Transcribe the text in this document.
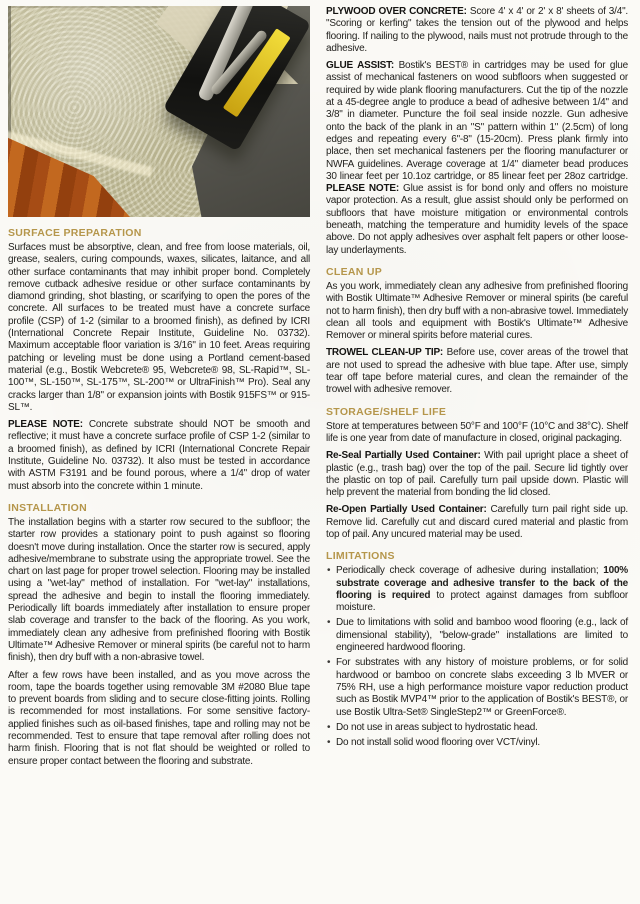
SURFACE PREPARATION
Surfaces must be absorptive, clean, and free from loose materials, oil, grease, sealers, curing compounds, waxes, silicates, laitance, and all other surface contaminants that may inhibit proper bond. Completely remove cutback adhesive residue or other surface contaminants by diamond grinding, shot blasting, or scarifying to open the pores of the concrete. All surfaces to be treated must have a concrete surface profile (CSP) of 1-2 (similar to a broomed finish), as defined by ICRI (International Concrete Repair Institute, Guideline No. 03732). Maximum acceptable floor variation is 3/16" in 10 feet. Areas requiring patching or leveling must be done using a Portland cement-based material (e.g., Bostik Webcrete® 95, Webcrete® 98, SL-Rapid™, SL-100™, SL-150™, SL-175™, SL-200™ or UltraFinish™ Pro). Seal any cracks larger than 1/8" or expansion joints with Bostik 915FS™ or 915-SL™.
PLEASE NOTE: Concrete substrate should NOT be smooth and reflective; it must have a concrete surface profile of CSP 1-2 (similar to a broomed finish), as defined by ICRI (International Concrete Repair Institute, Guideline No. 03732). It also must be tested in accordance with ASTM F3191 and be found porous, where a 1/4" drop of water must absorb into the concrete within 1 minute.
INSTALLATION
The installation begins with a starter row secured to the subfloor; the starter row provides a stationary point to push against so flooring doesn't move during installation. Once the starter row is secured, apply adhesive/membrane to substrate using the appropriate trowel. See the chart on last page for proper trowel selection. Flooring may be installed using a "wet-lay" method of installation. For "wet-lay" installations, spread the adhesive and begin to install the flooring immediately. Periodically lift boards immediately after installation to ensure proper slab coverage and transfer to the back of the flooring. As you work, immediately clean any adhesive from prefinished flooring with Bostik Ultimate™ Adhesive Remover or mineral spirits (be careful not to harm finish), then dry buff with a non-abrasive towel.
After a few rows have been installed, and as you move across the room, tape the boards together using removable 3M #2080 Blue tape to prevent boards from sliding and to secure close-fitting joints. Rolling is recommended for most installations. For some sensitive factory-applied finishes such as oil-based finishes, tape and rolling may not be recommended. Test to ensure that tape removal after rolling does not harm finish. Flooring that is not flat should be weighted or rolled to ensure proper contact between the flooring and substrate.
PLYWOOD OVER CONCRETE: Score 4' x 4' or 2' x 8' sheets of 3/4". "Scoring or kerfing" takes the tension out of the plywood and helps flooring. If nailing to the plywood, nails must not protrude through to the adhesive.
GLUE ASSIST: Bostik's BEST® in cartridges may be used for glue assist of mechanical fasteners on wood subfloors when suggested or required by wide plank flooring manufacturers. Cut the tip of the nozzle at a 45-degree angle to produce a bead of adhesive between 1/4" and 3/8" in diameter. Puncture the foil seal inside nozzle. Gun adhesive onto the back of the plank in an "S" pattern within 1" (2.5cm) of long edges and repeating every 6"-8" (15-20cm). Press plank firmly into place, then set mechanical fasteners per the flooring manufacturer or NWFA guidelines. Average coverage at 1/4" diameter bead produces 30 linear feet per 10.1oz cartridge, or 85 linear feet per 28oz cartridge. PLEASE NOTE: Glue assist is for bond only and offers no moisture vapor protection. As a result, glue assist should only be performed on subfloors that have moisture mitigation or environmental controls beneath, matching the temperature and humidity levels of the space above. Do not apply adhesives over asphalt felt papers or other loose-lay underlayments.
CLEAN UP
As you work, immediately clean any adhesive from prefinished flooring with Bostik Ultimate™ Adhesive Remover or mineral spirits (be careful not to harm finish), then dry buff with a non-abrasive towel. Immediately clean all tools and equipment with Bostik's Ultimate™ Adhesive Remover or mineral spirits before material cures.
TROWEL CLEAN-UP TIP: Before use, cover areas of the trowel that are not used to spread the adhesive with blue tape. After use, simply tear off tape before material cures, and clean the remainder of the trowel with adhesive remover.
STORAGE/SHELF LIFE
Store at temperatures between 50°F and 100°F (10°C and 38°C). Shelf life is one year from date of manufacture in closed, original packaging.
Re-Seal Partially Used Container: With pail upright place a sheet of plastic (e.g., trash bag) over the top of the pail. Secure lid tightly over the plastic on top of pail. Carefully turn pail upside down. Plastic will help prevent the material from bonding the lid closed.
Re-Open Partially Used Container: Carefully turn pail right side up. Remove lid. Carefully cut and discard cured material and plastic from top of pail. Any uncured material may be used.
LIMITATIONS
• Periodically check coverage of adhesive during installation; 100% substrate coverage and adhesive transfer to the back of the flooring is required to protect against damages from subfloor moisture.
• Due to limitations with solid and bamboo wood flooring (e.g., lack of dimensional stability), "below-grade" installations are limited to engineered hardwood flooring.
• For substrates with any history of moisture problems, or for solid hardwood or bamboo on concrete slabs exceeding 3 lb MVER or 75% RH, use a high performance moisture vapor reduction product such as Bostik MVP4™ prior to the application of Bostik's BEST®, or use Bostik Ultra-Set® SingleStep2™ or GreenForce®.
• Do not use in areas subject to hydrostatic head.
• Do not install solid wood flooring over VCT/vinyl.
